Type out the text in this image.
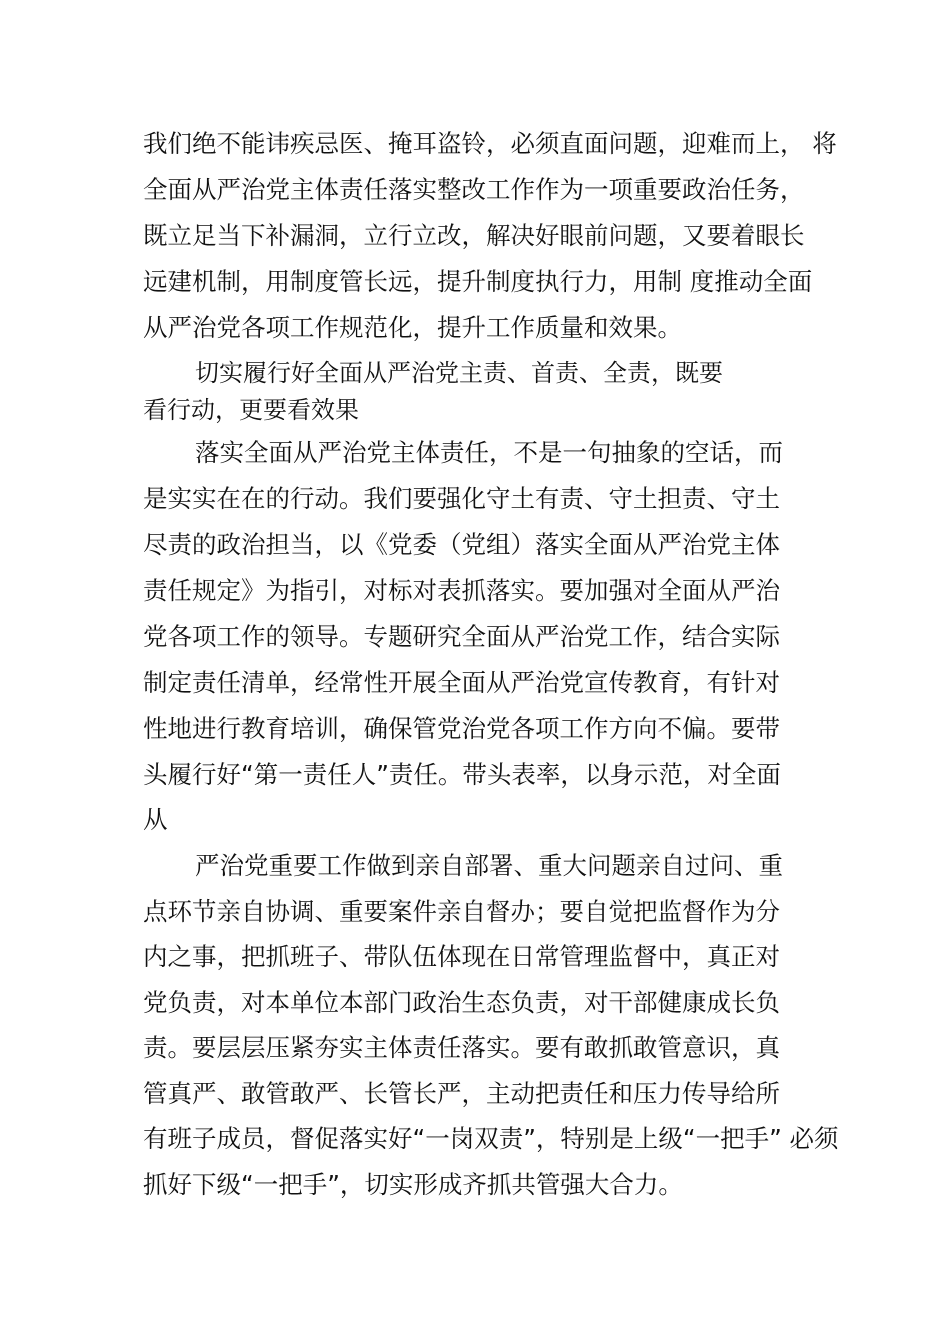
我们绝不能讳疾忌医、掩耳盗铃，必须直面问题，迎难而上， 将
全面从严治党主体责任落实整改工作作为一项重要政治任务，
既立足当下补漏洞，立行立改，解决好眼前问题，又要着眼长
远建机制，用制度管长远，提升制度执行力，用制 度推动全面
从严治党各项工作规范化，提升工作质量和效果。
切实履行好全面从严治党主责、首责、全责，既要
看行动，更要看效果
落实全面从严治党主体责任，不是一句抽象的空话，而
是实实在在的行动。我们要强化守土有责、守土担责、守土
尽责的政治担当，以《党委（党组）落实全面从严治党主体
责任规定》为指引，对标对表抓落实。要加强对全面从严治
党各项工作的领导。专题研究全面从严治党工作，结合实际
制定责任清单，经常性开展全面从严治党宣传教育，有针对
性地进行教育培训，确保管党治党各项工作方向不偏。要带
头履行好“第一责任人”责任。带头表率，以身示范，对全面
从
严治党重要工作做到亲自部署、重大问题亲自过问、重
点环节亲自协调、重要案件亲自督办；要自觉把监督作为分
内之事，把抓班子、带队伍体现在日常管理监督中，真正对
党负责，对本单位本部门政治生态负责，对干部健康成长负
责。要层层压紧夯实主体责任落实。要有敢抓敢管意识，真
管真严、敢管敢严、长管长严，主动把责任和压力传导给所
有班子成员，督促落实好“一岗双责”，特别是上级“一把手” 必须
抓好下级“一把手”，切实形成齐抓共管强大合力。
